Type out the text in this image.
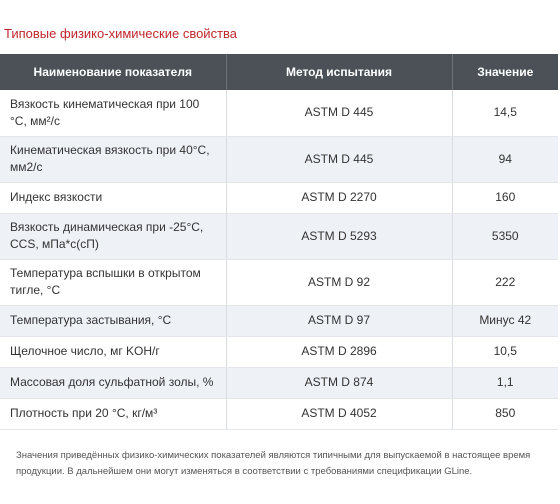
Типовые физико-химические свойства
Наименование показателя	Метод испытания	Значение
Вязкость кинематическая при 100 °C, мм²/с	ASTM D 445	14,5
Кинематическая вязкость при 40°C, мм2/с	ASTM D 445	94
Индекс вязкости	ASTM D 2270	160
Вязкость динамическая при -25°C, CCS, мПа*с(сП)	ASTM D 5293	5350
Температура вспышки в открытом тигле, °C	ASTM D 92	222
Температура застывания, °C	ASTM D 97	Минус 42
Щелочное число, мг KOH/г	ASTM D 2896	10,5
Массовая доля сульфатной золы, %	ASTM D 874	1,1
Плотность при 20 °C, кг/м³	ASTM D 4052	850
Значения приведённых физико-химических показателей являются типичными для выпускаемой в настоящее время продукции. В дальнейшем они могут изменяться в соответствии с требованиями спецификации GLine.
